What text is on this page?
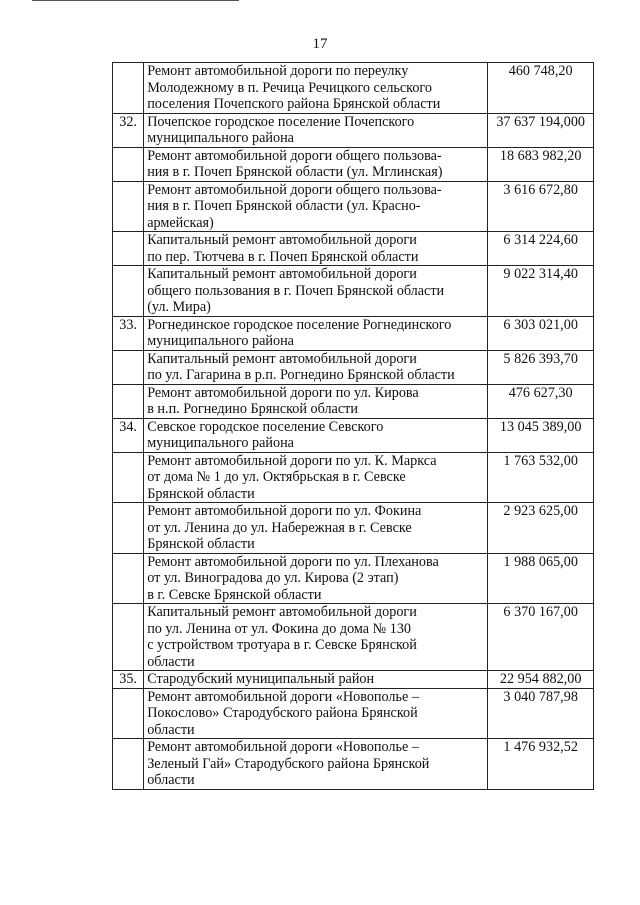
17

	Ремонт автомобильной дороги по переулку
Молодежному в п. Речица Речицкого сельского
поселения Почепского района Брянской области	460 748,20
32.	Почепское городское поселение Почепского
муниципального района	37 637 194,000

	Ремонт автомобильной дороги общего пользова-
ния в г. Почеп Брянской области (ул. Мглинская)	18 683 982,20

	Ремонт автомобильной дороги общего пользова-
ния в г. Почеп Брянской области (ул. Красно-
армейская)	3 616 672,80

	Капитальный ремонт автомобильной дороги
по пер. Тютчева в г. Почеп Брянской области	6 314 224,60

	Капитальный ремонт автомобильной дороги
общего пользования в г. Почеп Брянской области
(ул. Мира)	9 022 314,40
33.	Рогнединское городское поселение Рогнединского
муниципального района	6 303 021,00

	Капитальный ремонт автомобильной дороги
по ул. Гагарина в р.п. Рогнедино Брянской области	5 826 393,70

	Ремонт автомобильной дороги по ул. Кирова
в н.п. Рогнедино Брянской области	476 627,30
34.	Севское городское поселение Севского
муниципального района	13 045 389,00

	Ремонт автомобильной дороги по ул. К. Маркса
от дома № 1 до ул. Октябрьская в г. Севске
Брянской области	1 763 532,00

	Ремонт автомобильной дороги по ул. Фокина
от ул. Ленина до ул. Набережная в г. Севске
Брянской области	2 923 625,00

	Ремонт автомобильной дороги по ул. Плеханова
от ул. Виноградова до ул. Кирова (2 этап)
в г. Севске Брянской области	1 988 065,00

	Капитальный ремонт автомобильной дороги
по ул. Ленина от ул. Фокина до дома № 130
с устройством тротуара в г. Севске Брянской
области	6 370 167,00
35.	Стародубский муниципальный район	22 954 882,00

	Ремонт автомобильной дороги «Новополье –
Покослово» Стародубского района Брянской
области	3 040 787,98

	Ремонт автомобильной дороги «Новополье –
Зеленый Гай» Стародубского района Брянской
области	1 476 932,52
